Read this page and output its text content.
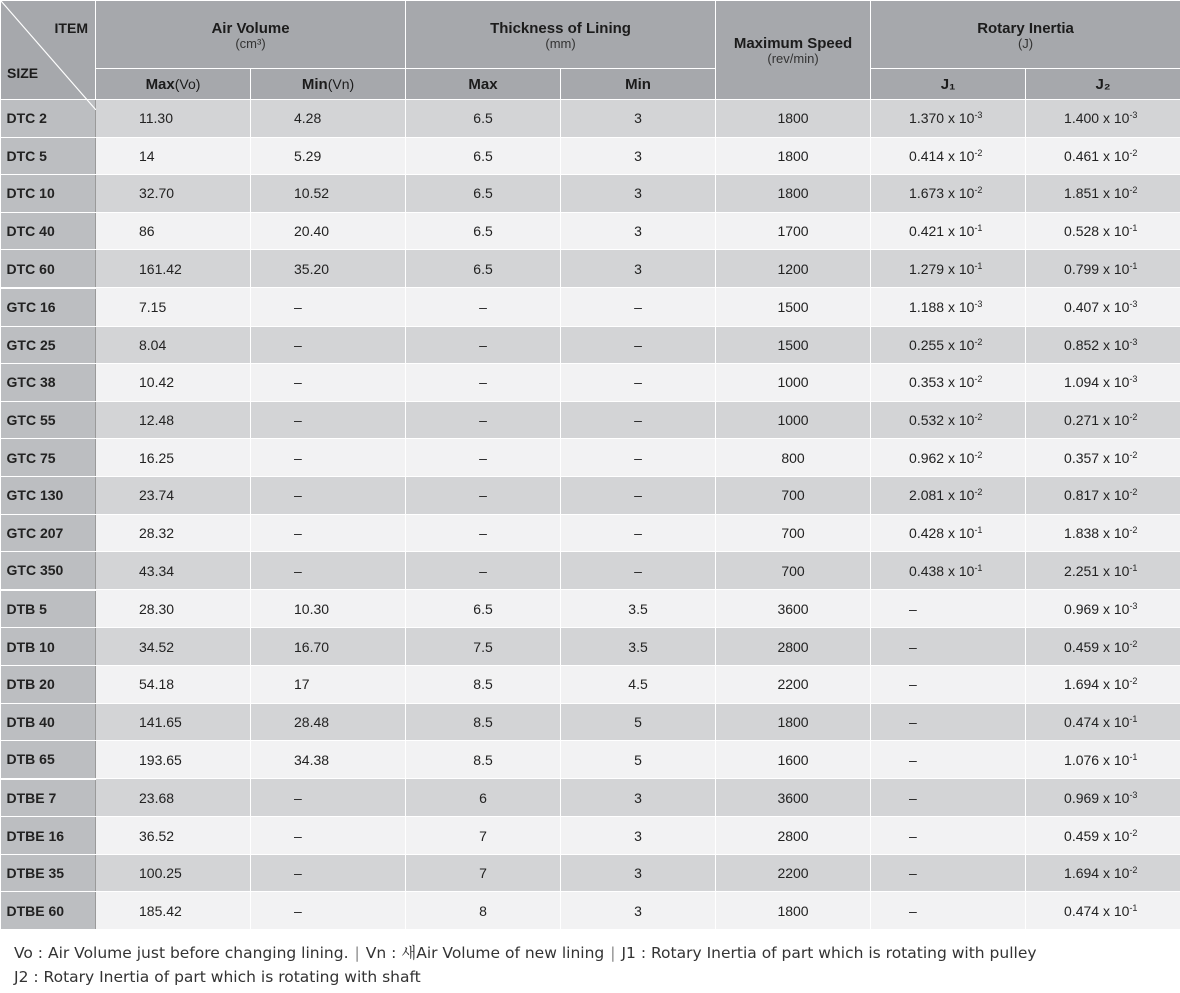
ITEM
SIZE	Air Volume
(cm³)		Thickness of Lining
(mm)		Maximum Speed
(rev/min)	Rotary Inertia
(J)	

	Max(Vo)	Min(Vn)	Max	Min		J₁	J₂
DTC 2	11.30	4.28	6.5	3	1800	1.370 x $10^{-3}$	1.400 x $10^{-3}$
DTC 5	14	5.29	6.5	3	1800	0.414 x $10^{-2}$	0.461 x $10^{-2}$
DTC 10	32.70	10.52	6.5	3	1800	1.673 x $10^{-2}$	1.851 x $10^{-2}$
DTC 40	86	20.40	6.5	3	1700	0.421 x $10^{-1}$	0.528 x $10^{-1}$
DTC 60	161.42	35.20	6.5	3	1200	1.279 x $10^{-1}$	0.799 x $10^{-1}$
GTC 16	7.15	–	–	–	1500	1.188 x $10^{-3}$	0.407 x $10^{-3}$
GTC 25	8.04	–	–	–	1500	0.255 x $10^{-2}$	0.852 x $10^{-3}$
GTC 38	10.42	–	–	–	1000	0.353 x $10^{-2}$	1.094 x $10^{-3}$
GTC 55	12.48	–	–	–	1000	0.532 x $10^{-2}$	0.271 x $10^{-2}$
GTC 75	16.25	–	–	–	800	0.962 x $10^{-2}$	0.357 x $10^{-2}$
GTC 130	23.74	–	–	–	700	2.081 x $10^{-2}$	0.817 x $10^{-2}$
GTC 207	28.32	–	–	–	700	0.428 x $10^{-1}$	1.838 x $10^{-2}$
GTC 350	43.34	–	–	–	700	0.438 x $10^{-1}$	2.251 x $10^{-1}$
DTB 5	28.30	10.30	6.5	3.5	3600	–	0.969 x $10^{-3}$
DTB 10	34.52	16.70	7.5	3.5	2800	–	0.459 x $10^{-2}$
DTB 20	54.18	17	8.5	4.5	2200	–	1.694 x $10^{-2}$
DTB 40	141.65	28.48	8.5	5	1800	–	0.474 x $10^{-1}$
DTB 65	193.65	34.38	8.5	5	1600	–	1.076 x $10^{-1}$
DTBE 7	23.68	–	6	3	3600	–	0.969 x $10^{-3}$
DTBE 16	36.52	–	7	3	2800	–	0.459 x $10^{-2}$
DTBE 35	100.25	–	7	3	2200	–	1.694 x $10^{-2}$
DTBE 60	185.42	–	8	3	1800	–	0.474 x $10^{-1}$
Vo : Air Volume just before changing lining. | Vn : 새Air Volume of new lining | J1 : Rotary Inertia of part which is rotating with pulley
J2 : Rotary Inertia of part which is rotating with shaft
